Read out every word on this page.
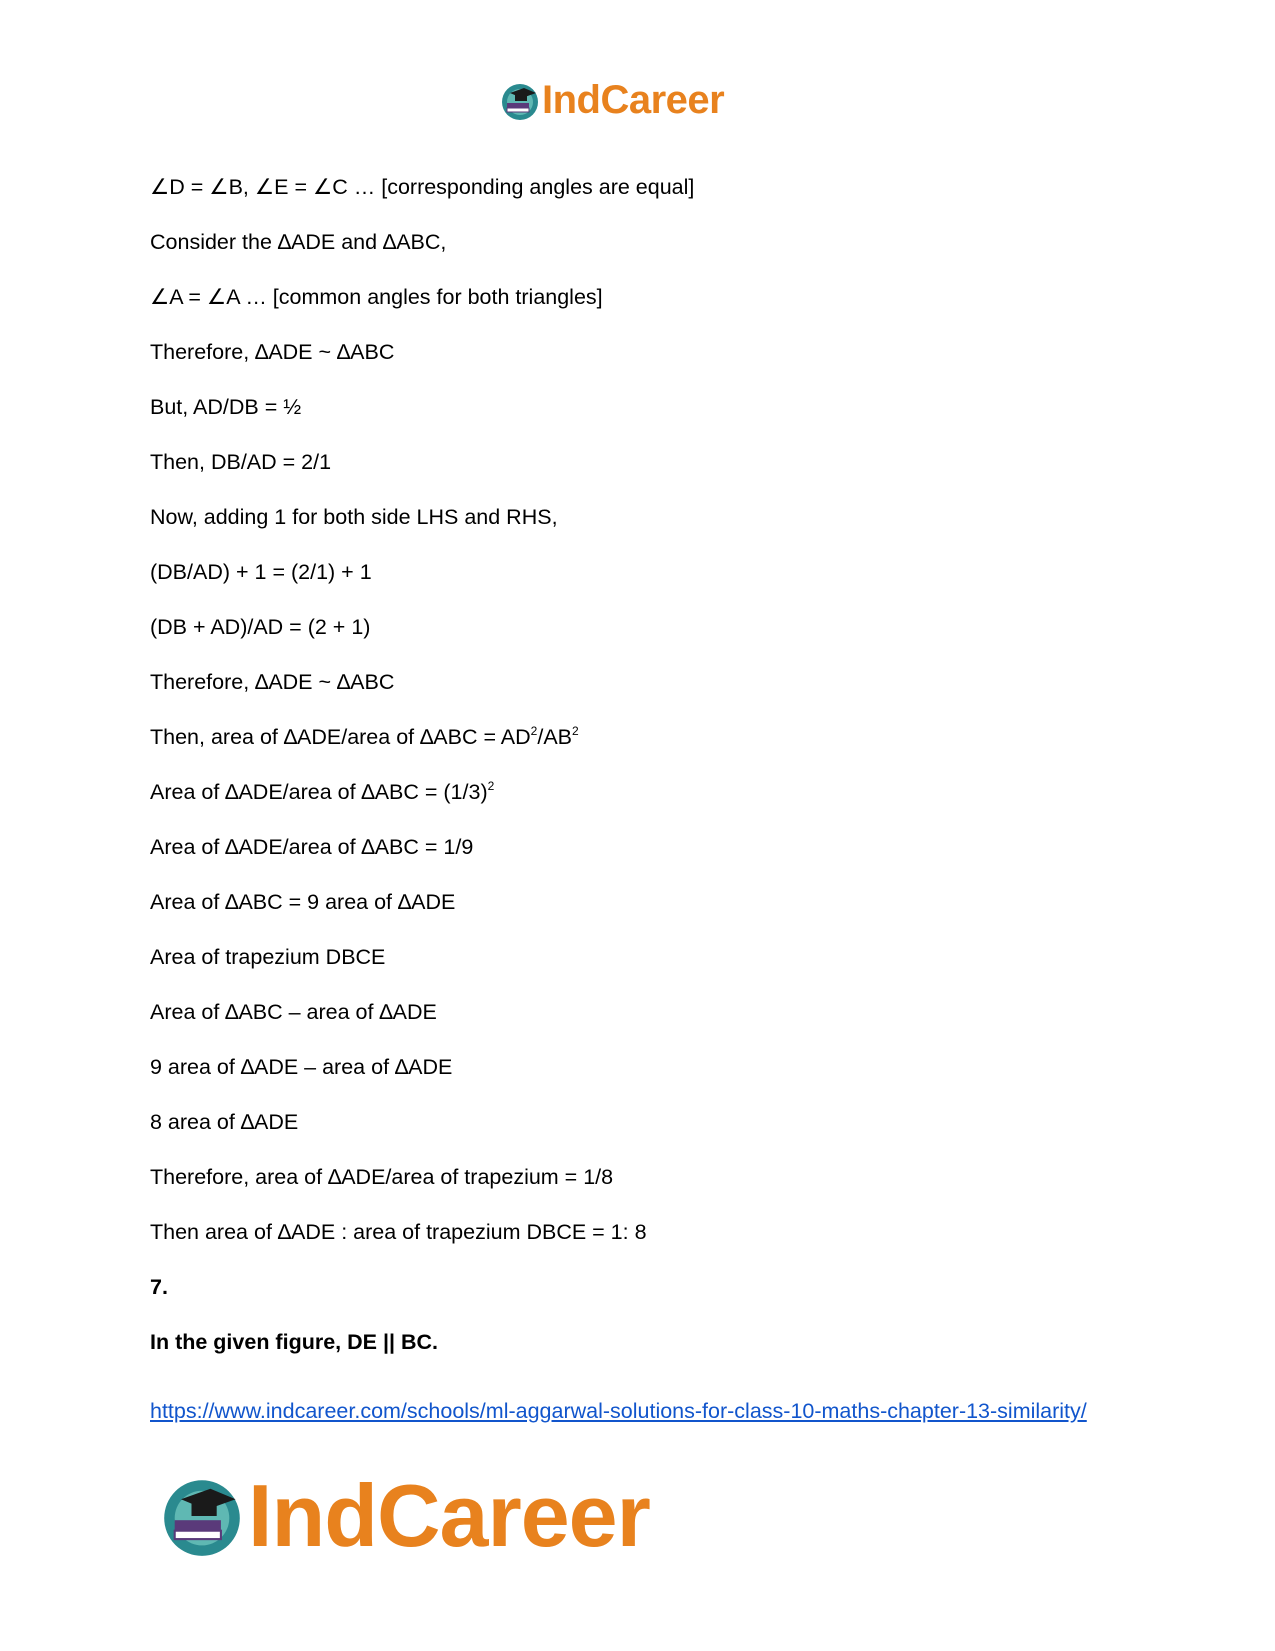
IndCareer
∠D = ∠B, ∠E = ∠C … [corresponding angles are equal]
Consider the ∆ADE and ∆ABC,
∠A = ∠A … [common angles for both triangles]
Therefore, ∆ADE ~ ∆ABC
But, AD/DB = ½
Then, DB/AD = 2/1
Now, adding 1 for both side LHS and RHS,
(DB/AD) + 1 = (2/1) + 1
(DB + AD)/AD = (2 + 1)
Therefore, ∆ADE ~ ∆ABC
Then, area of ∆ADE/area of $\Delta ABC = AD^2/AB^2$
Area of ∆ADE/area of $\Delta ABC = (1/3)^2$
Area of ∆ADE/area of ∆ABC = 1/9
Area of ∆ABC = 9 area of ∆ADE
Area of trapezium DBCE
Area of ∆ABC – area of ∆ADE
9 area of ∆ADE – area of ∆ADE
8 area of ∆ADE
Therefore, area of ∆ADE/area of trapezium = 1/8
Then area of ∆ADE : area of trapezium DBCE = 1: 8
7.
In the given figure, DE || BC.
https://www.indcareer.com/schools/ml-aggarwal-solutions-for-class-10-maths-chapter-13-similarity/
IndCareer
